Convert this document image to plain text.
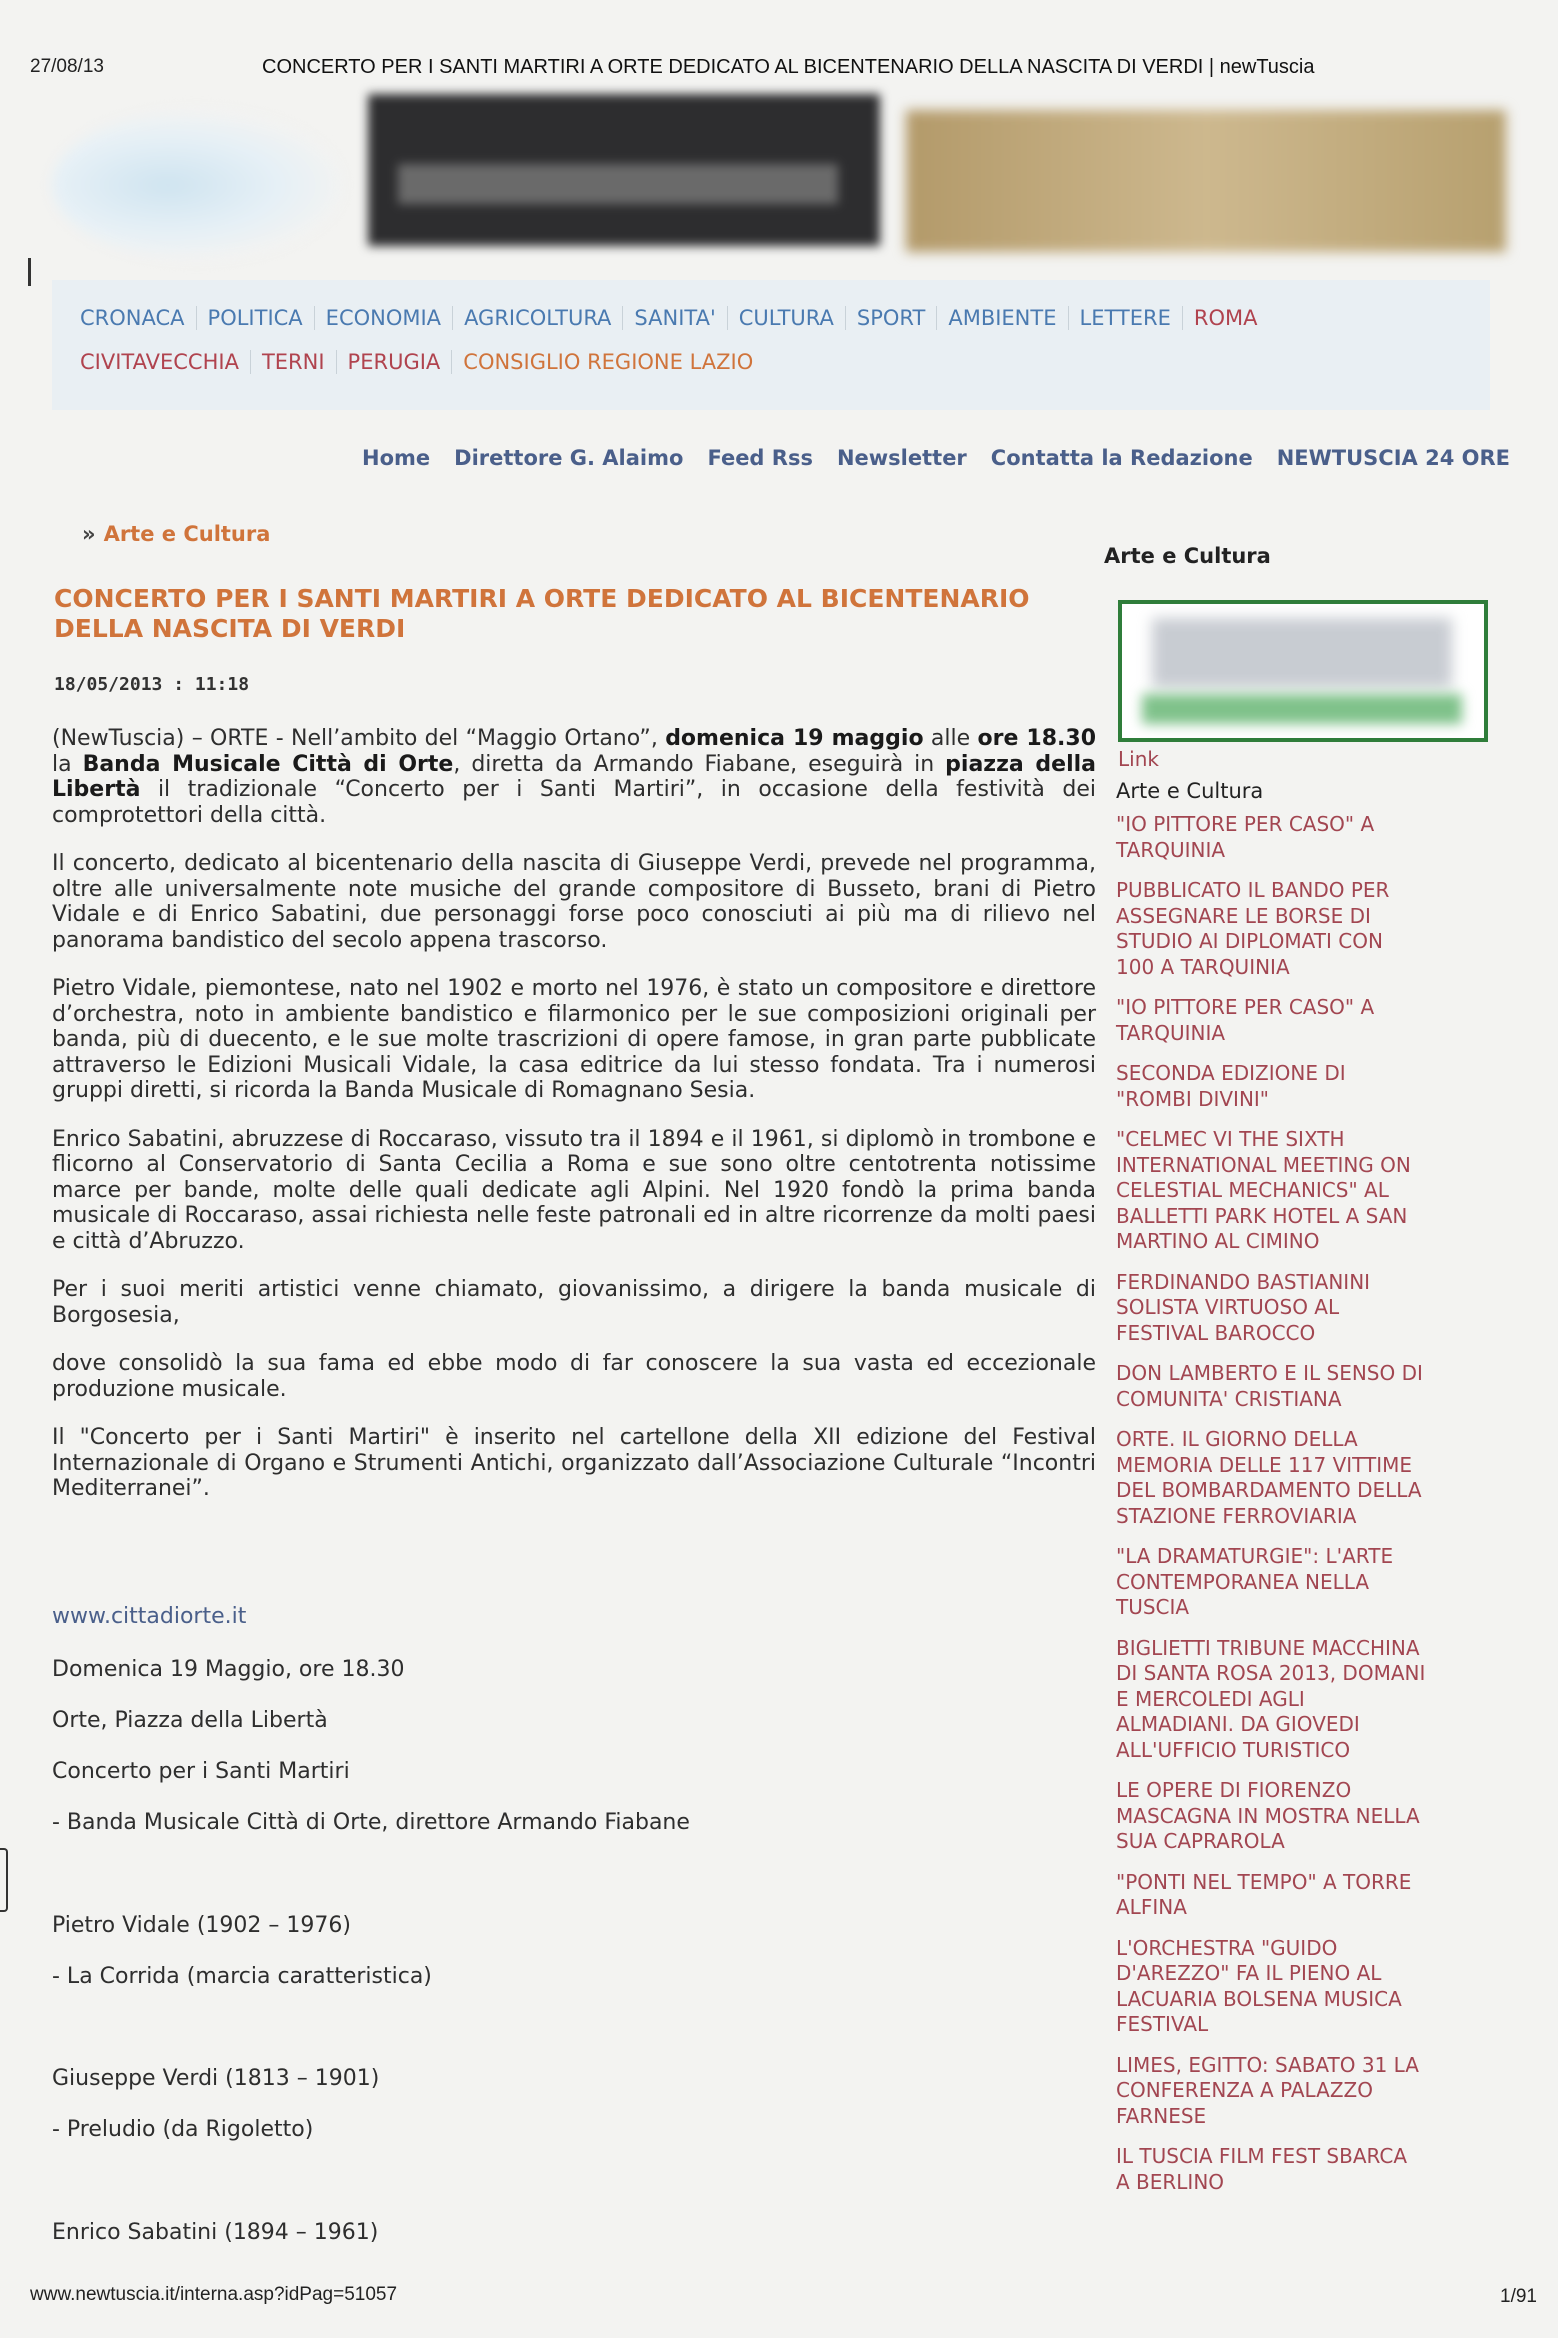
27/08/13	CONCERTO PER I SANTI MARTIRI A ORTE DEDICATO AL BICENTENARIO DELLA NASCITA DI VERDI | newTuscia
www.newtuscia.it/interna.asp?idPag=51057	1/91
CRONACA	POLITICA	ECONOMIA	AGRICOLTURA	SANITA'	CULTURA	SPORT	AMBIENTE	LETTERE	ROMA
CIVITAVECCHIA	TERNI	PERUGIA	CONSIGLIO REGIONE LAZIO
Home Direttore G. Alaimo Feed Rss Newsletter Contatta la Redazione NEWTUSCIA 24 ORE
» Arte e Cultura
CONCERTO PER I SANTI MARTIRI A ORTE DEDICATO AL BICENTENARIO DELLA NASCITA DI VERDI
18/05/2013 : 11:18

(NewTuscia) – ORTE - Nell’ambito del “Maggio Ortano”, domenica 19 maggio alle ore 18.30 la Banda Musicale Città di Orte, diretta da Armando Fiabane, eseguirà in piazza della Libertà il tradizionale “Concerto per i Santi Martiri”, in occasione della festività dei comprotettori della città.

Il concerto, dedicato al bicentenario della nascita di Giuseppe Verdi, prevede nel programma, oltre alle universalmente note musiche del grande compositore di Busseto, brani di Pietro Vidale e di Enrico Sabatini, due personaggi forse poco conosciuti ai più ma di rilievo nel panorama bandistico del secolo appena trascorso.

Pietro Vidale, piemontese, nato nel 1902 e morto nel 1976, è stato un compositore e direttore d’orchestra, noto in ambiente bandistico e filarmonico per le sue composizioni originali per banda, più di duecento, e le sue molte trascrizioni di opere famose, in gran parte pubblicate attraverso le Edizioni Musicali Vidale, la casa editrice da lui stesso fondata. Tra i numerosi gruppi diretti, si ricorda la Banda Musicale di Romagnano Sesia.

Enrico Sabatini, abruzzese di Roccaraso, vissuto tra il 1894 e il 1961, si diplomò in trombone e flicorno al Conservatorio di Santa Cecilia a Roma e sue sono oltre centotrenta notissime marce per bande, molte delle quali dedicate agli Alpini. Nel 1920 fondò la prima banda musicale di Roccaraso, assai richiesta nelle feste patronali ed in altre ricorrenze da molti paesi e città d’Abruzzo.

Per i suoi meriti artistici venne chiamato, giovanissimo, a dirigere la banda musicale di Borgosesia,

dove consolidò la sua fama ed ebbe modo di far conoscere la sua vasta ed eccezionale produzione musicale.

Il "Concerto per i Santi Martiri" è inserito nel cartellone della XII edizione del Festival Internazionale di Organo e Strumenti Antichi, organizzato dall’Associazione Culturale “Incontri Mediterranei”.

www.cittadiorte.it
Domenica 19 Maggio, ore 18.30
Orte, Piazza della Libertà
Concerto per i Santi Martiri
- Banda Musicale Città di Orte, direttore Armando Fiabane
Pietro Vidale (1902 – 1976)
- La Corrida (marcia caratteristica)
Giuseppe Verdi (1813 – 1901)
- Preludio (da Rigoletto)
Enrico Sabatini (1894 – 1961)
Arte e Cultura
Link
Arte e Cultura
"IO PITTORE PER CASO" A TARQUINIA
PUBBLICATO IL BANDO PER ASSEGNARE LE BORSE DI STUDIO AI DIPLOMATI CON 100 A TARQUINIA
"IO PITTORE PER CASO" A TARQUINIA
SECONDA EDIZIONE DI "ROMBI DIVINI"
"CELMEC VI THE SIXTH INTERNATIONAL MEETING ON CELESTIAL MECHANICS" AL BALLETTI PARK HOTEL A SAN MARTINO AL CIMINO
FERDINANDO BASTIANINI SOLISTA VIRTUOSO AL FESTIVAL BAROCCO
DON LAMBERTO E IL SENSO DI COMUNITA' CRISTIANA
ORTE. IL GIORNO DELLA MEMORIA DELLE 117 VITTIME DEL BOMBARDAMENTO DELLA STAZIONE FERROVIARIA
"LA DRAMATURGIE": L'ARTE CONTEMPORANEA NELLA TUSCIA
BIGLIETTI TRIBUNE MACCHINA DI SANTA ROSA 2013, DOMANI E MERCOLEDI AGLI ALMADIANI. DA GIOVEDI ALL'UFFICIO TURISTICO
LE OPERE DI FIORENZO MASCAGNA IN MOSTRA NELLA SUA CAPRAROLA
"PONTI NEL TEMPO" A TORRE ALFINA
L'ORCHESTRA "GUIDO D'AREZZO" FA IL PIENO AL LACUARIA BOLSENA MUSICA FESTIVAL
LIMES, EGITTO: SABATO 31 LA CONFERENZA A PALAZZO FARNESE
IL TUSCIA FILM FEST SBARCA A BERLINO
